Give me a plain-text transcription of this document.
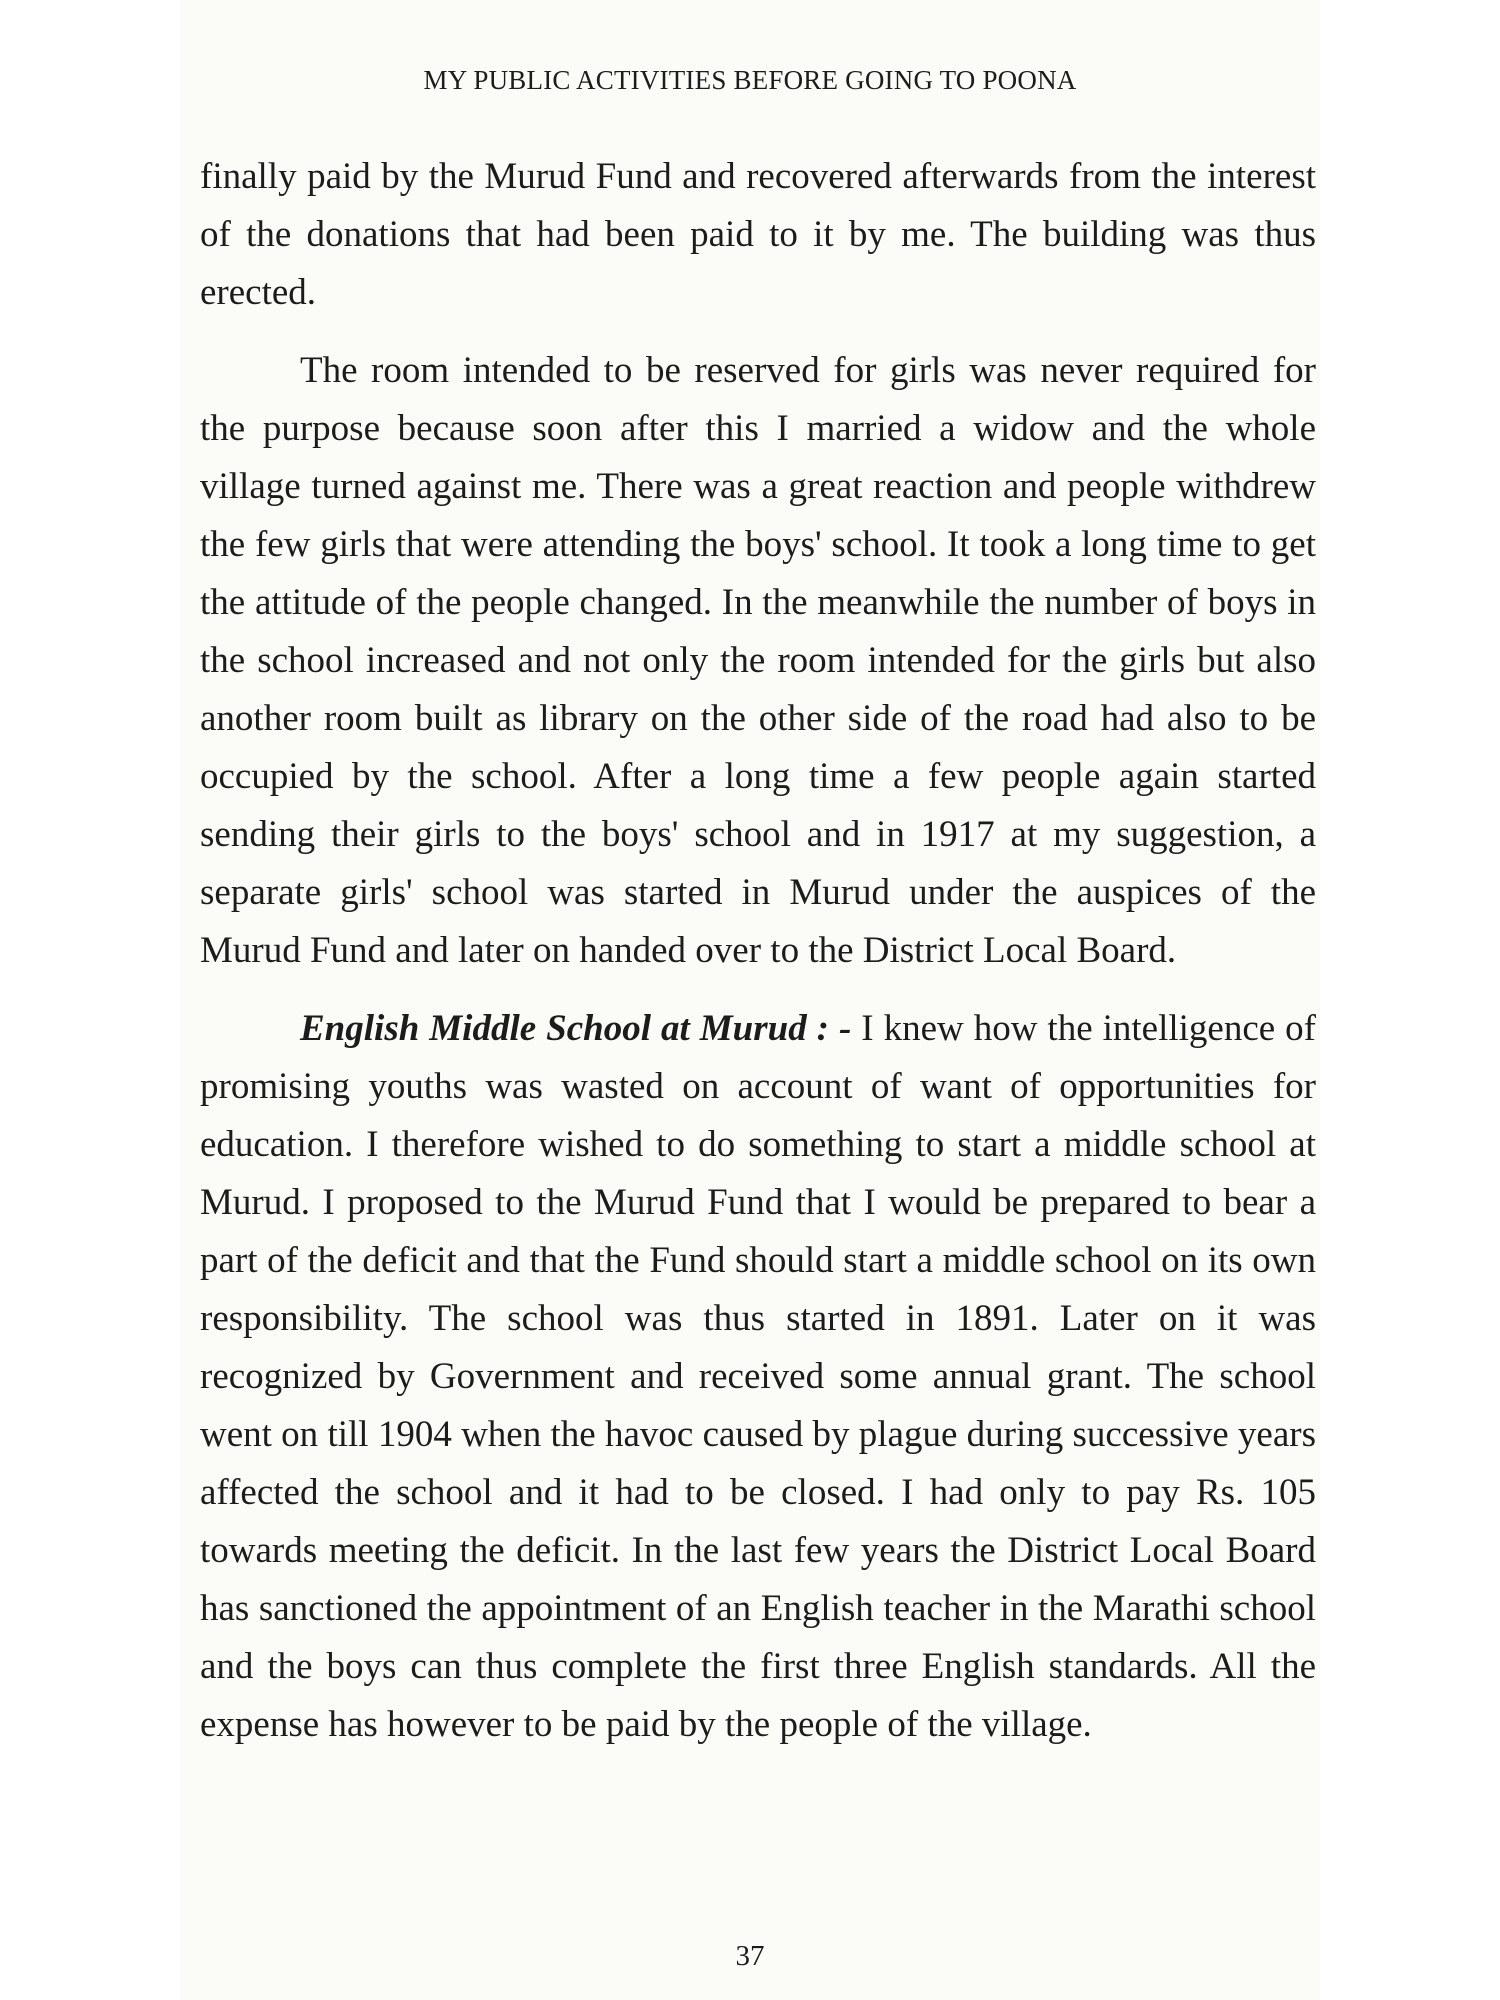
MY PUBLIC ACTIVITIES BEFORE GOING TO POONA
37

finally paid by the Murud Fund and recovered afterwards from the interest of the donations that had been paid to it by me. The building was thus erected.

The room intended to be reserved for girls was never required for the purpose because soon after this I married a widow and the whole village turned against me. There was a great reaction and people withdrew the few girls that were attending the boys' school. It took a long time to get the attitude of the people changed. In the meanwhile the number of boys in the school increased and not only the room intended for the girls but also another room built as library on the other side of the road had also to be occupied by the school. After a long time a few people again started sending their girls to the boys' school and in 1917 at my suggestion, a separate girls' school was started in Murud under the auspices of the Murud Fund and later on handed over to the District Local Board.

English Middle School at Murud : - I knew how the intelligence of promising youths was wasted on account of want of opportunities for education. I therefore wished to do something to start a middle school at Murud. I proposed to the Murud Fund that I would be prepared to bear a part of the deficit and that the Fund should start a middle school on its own responsibility. The school was thus started in 1891. Later on it was recognized by Government and received some annual grant. The school went on till 1904 when the havoc caused by plague during successive years affected the school and it had to be closed. I had only to pay Rs. 105 towards meeting the deficit. In the last few years the District Local Board has sanctioned the appointment of an English teacher in the Marathi school and the boys can thus complete the first three English standards. All the expense has however to be paid by the people of the village.
